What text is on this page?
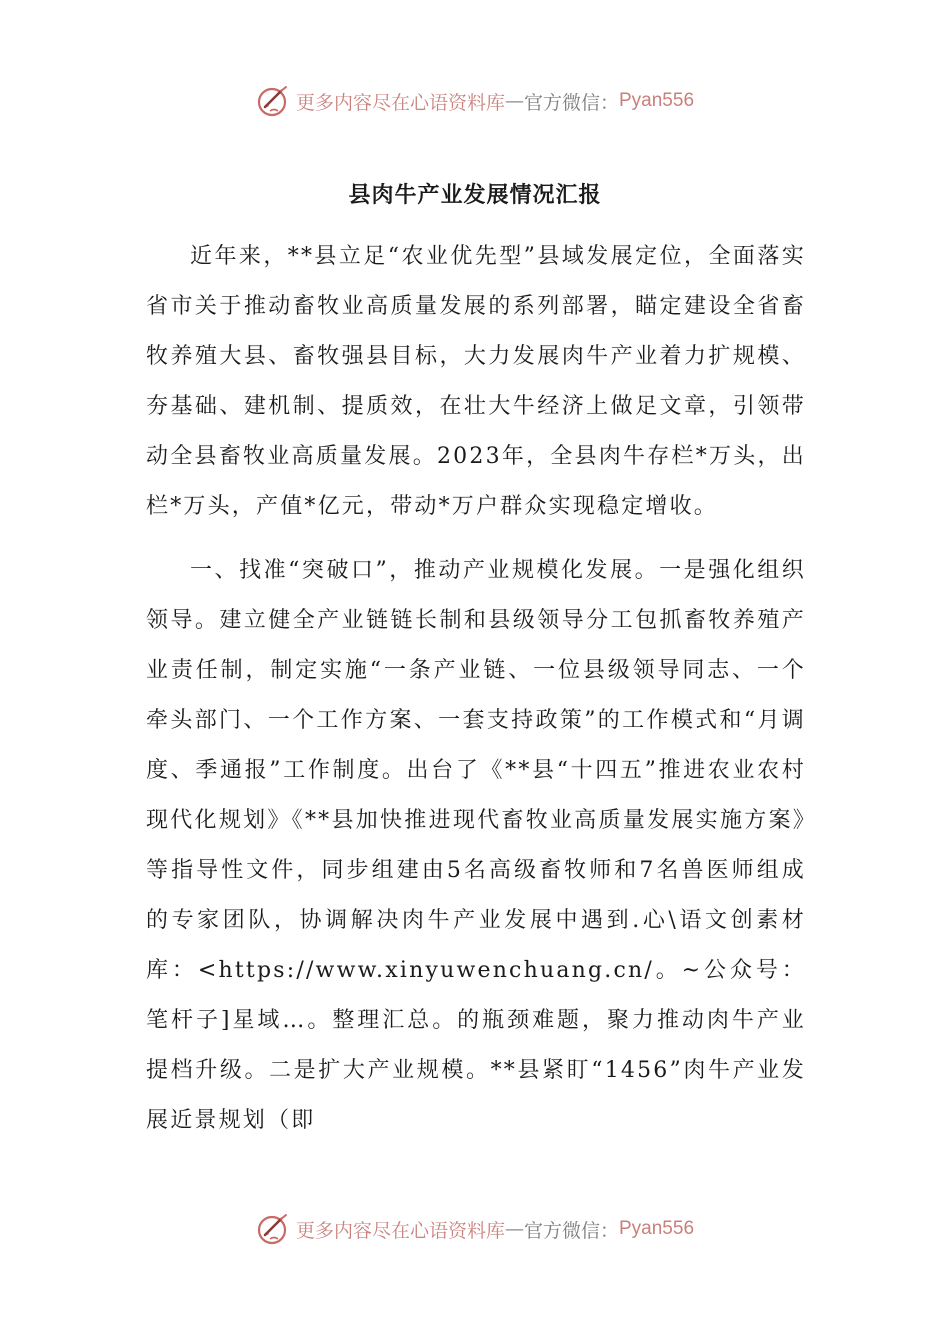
更多内容尽在心语资料库 — 官方微信： Pyan556
县肉牛产业发展情况汇报

近年来，**县立足“农业优先型”县域发展定位，全面落实省市关于推动畜牧业高质量发展的系列部署，瞄定建设全省畜牧养殖大县、畜牧强县目标，大力发展肉牛产业着力扩规模、夯基础、建机制、提质效，在壮大牛经济上做足文章，引领带动全县畜牧业高质量发展。2023年，全县肉牛存栏*万头，出栏*万头，产值*亿元，带动*万户群众实现稳定增收。

一、找准“突破口”，推动产业规模化发展。一是强化组织领导。建立健全产业链链长制和县级领导分工包抓畜牧养殖产业责任制，制定实施“一条产业链、一位县级领导同志、一个牵头部门、一个工作方案、一套支持政策”的工作模式和“月调度、季通报”工作制度。出台了《**县“十四五”推进农业农村现代化规划》《**县加快推进现代畜牧业高质量发展实施方案》等指导性文件，同步组建由5名高级畜牧师和7名兽医师组成的专家团队，协调解决肉牛产业发展中遇到.心\语文创素材库：<https://www.xinyuwenchuang.cn/。~公众号：笔杆子]星域…。整理汇总。的瓶颈难题，聚力推动肉牛产业提档升级。二是扩大产业规模。**县紧盯“1456”肉牛产业发展近景规划（即

更多内容尽在心语资料库 — 官方微信： Pyan556
